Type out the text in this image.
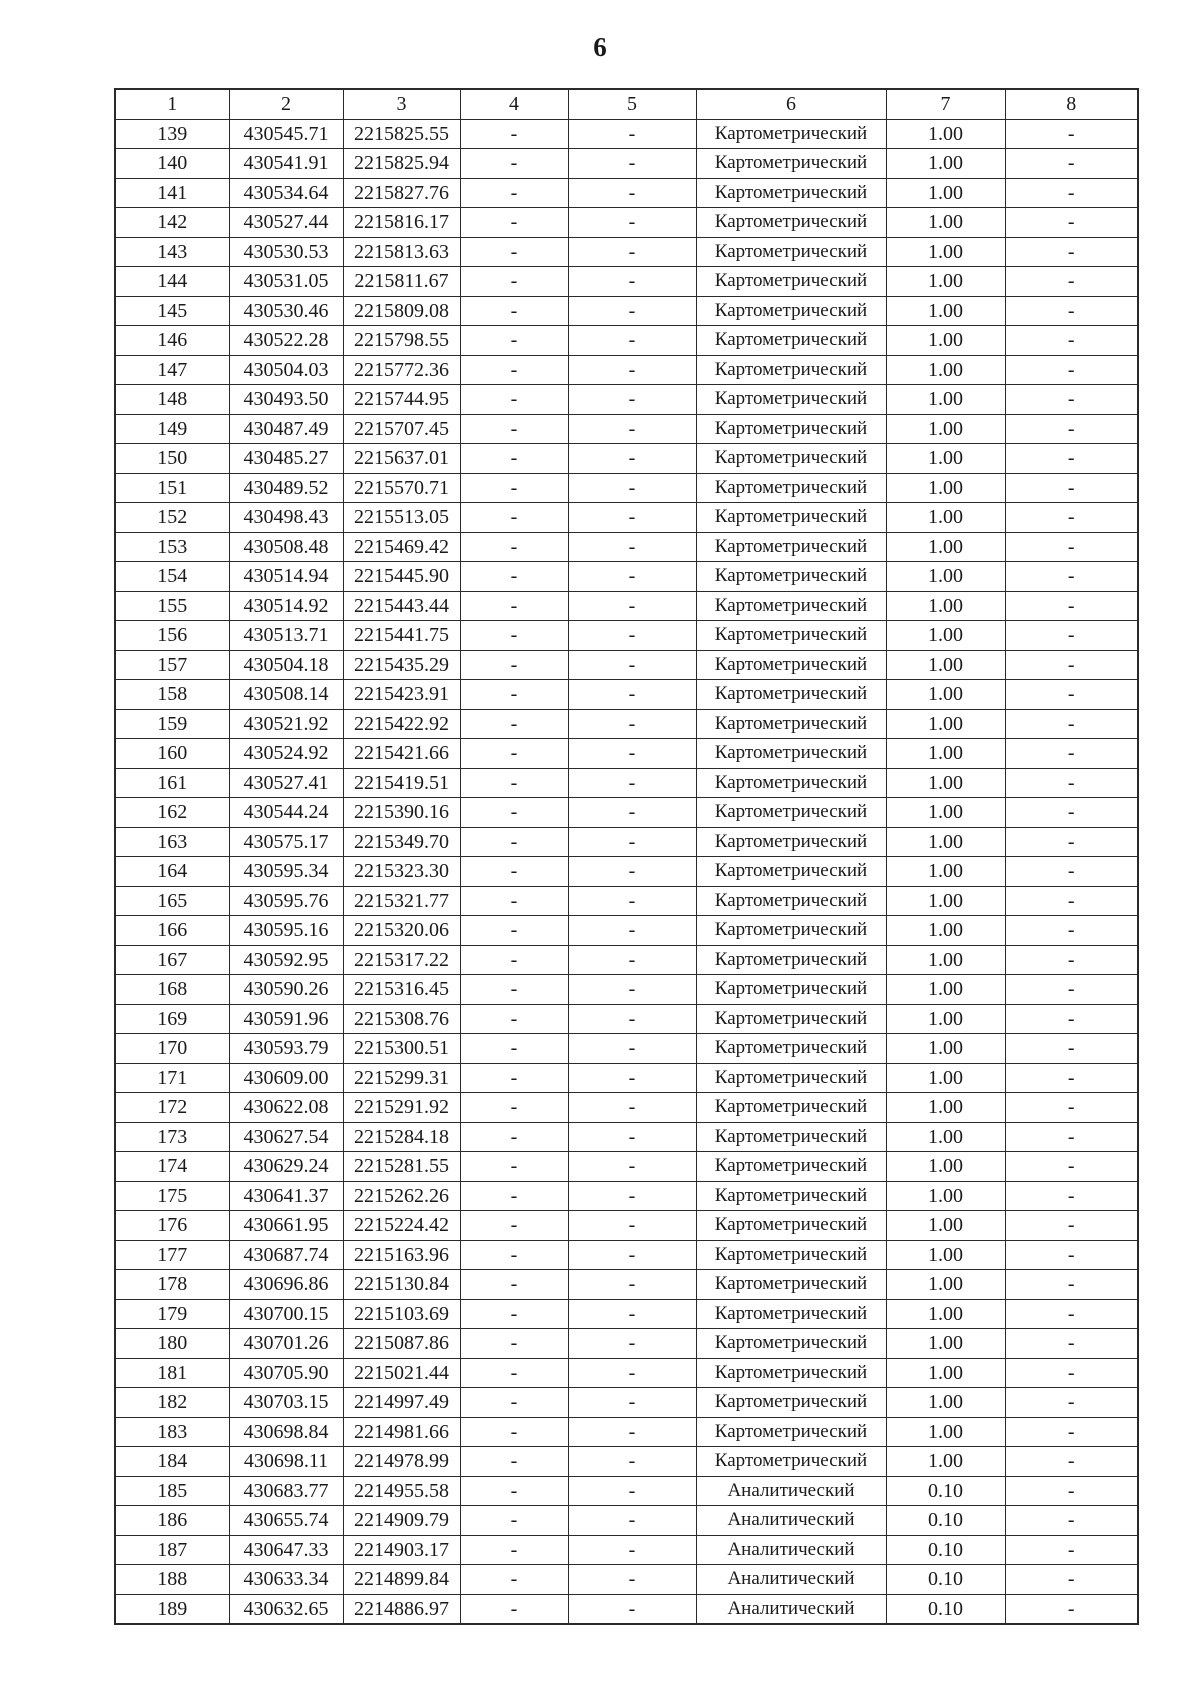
6
1	2	3	4	5	6	7	8
139	430545.71	2215825.55	-	-	Картометрический	1.00	-
140	430541.91	2215825.94	-	-	Картометрический	1.00	-
141	430534.64	2215827.76	-	-	Картометрический	1.00	-
142	430527.44	2215816.17	-	-	Картометрический	1.00	-
143	430530.53	2215813.63	-	-	Картометрический	1.00	-
144	430531.05	2215811.67	-	-	Картометрический	1.00	-
145	430530.46	2215809.08	-	-	Картометрический	1.00	-
146	430522.28	2215798.55	-	-	Картометрический	1.00	-
147	430504.03	2215772.36	-	-	Картометрический	1.00	-
148	430493.50	2215744.95	-	-	Картометрический	1.00	-
149	430487.49	2215707.45	-	-	Картометрический	1.00	-
150	430485.27	2215637.01	-	-	Картометрический	1.00	-
151	430489.52	2215570.71	-	-	Картометрический	1.00	-
152	430498.43	2215513.05	-	-	Картометрический	1.00	-
153	430508.48	2215469.42	-	-	Картометрический	1.00	-
154	430514.94	2215445.90	-	-	Картометрический	1.00	-
155	430514.92	2215443.44	-	-	Картометрический	1.00	-
156	430513.71	2215441.75	-	-	Картометрический	1.00	-
157	430504.18	2215435.29	-	-	Картометрический	1.00	-
158	430508.14	2215423.91	-	-	Картометрический	1.00	-
159	430521.92	2215422.92	-	-	Картометрический	1.00	-
160	430524.92	2215421.66	-	-	Картометрический	1.00	-
161	430527.41	2215419.51	-	-	Картометрический	1.00	-
162	430544.24	2215390.16	-	-	Картометрический	1.00	-
163	430575.17	2215349.70	-	-	Картометрический	1.00	-
164	430595.34	2215323.30	-	-	Картометрический	1.00	-
165	430595.76	2215321.77	-	-	Картометрический	1.00	-
166	430595.16	2215320.06	-	-	Картометрический	1.00	-
167	430592.95	2215317.22	-	-	Картометрический	1.00	-
168	430590.26	2215316.45	-	-	Картометрический	1.00	-
169	430591.96	2215308.76	-	-	Картометрический	1.00	-
170	430593.79	2215300.51	-	-	Картометрический	1.00	-
171	430609.00	2215299.31	-	-	Картометрический	1.00	-
172	430622.08	2215291.92	-	-	Картометрический	1.00	-
173	430627.54	2215284.18	-	-	Картометрический	1.00	-
174	430629.24	2215281.55	-	-	Картометрический	1.00	-
175	430641.37	2215262.26	-	-	Картометрический	1.00	-
176	430661.95	2215224.42	-	-	Картометрический	1.00	-
177	430687.74	2215163.96	-	-	Картометрический	1.00	-
178	430696.86	2215130.84	-	-	Картометрический	1.00	-
179	430700.15	2215103.69	-	-	Картометрический	1.00	-
180	430701.26	2215087.86	-	-	Картометрический	1.00	-
181	430705.90	2215021.44	-	-	Картометрический	1.00	-
182	430703.15	2214997.49	-	-	Картометрический	1.00	-
183	430698.84	2214981.66	-	-	Картометрический	1.00	-
184	430698.11	2214978.99	-	-	Картометрический	1.00	-
185	430683.77	2214955.58	-	-	Аналитический	0.10	-
186	430655.74	2214909.79	-	-	Аналитический	0.10	-
187	430647.33	2214903.17	-	-	Аналитический	0.10	-
188	430633.34	2214899.84	-	-	Аналитический	0.10	-
189	430632.65	2214886.97	-	-	Аналитический	0.10	-
